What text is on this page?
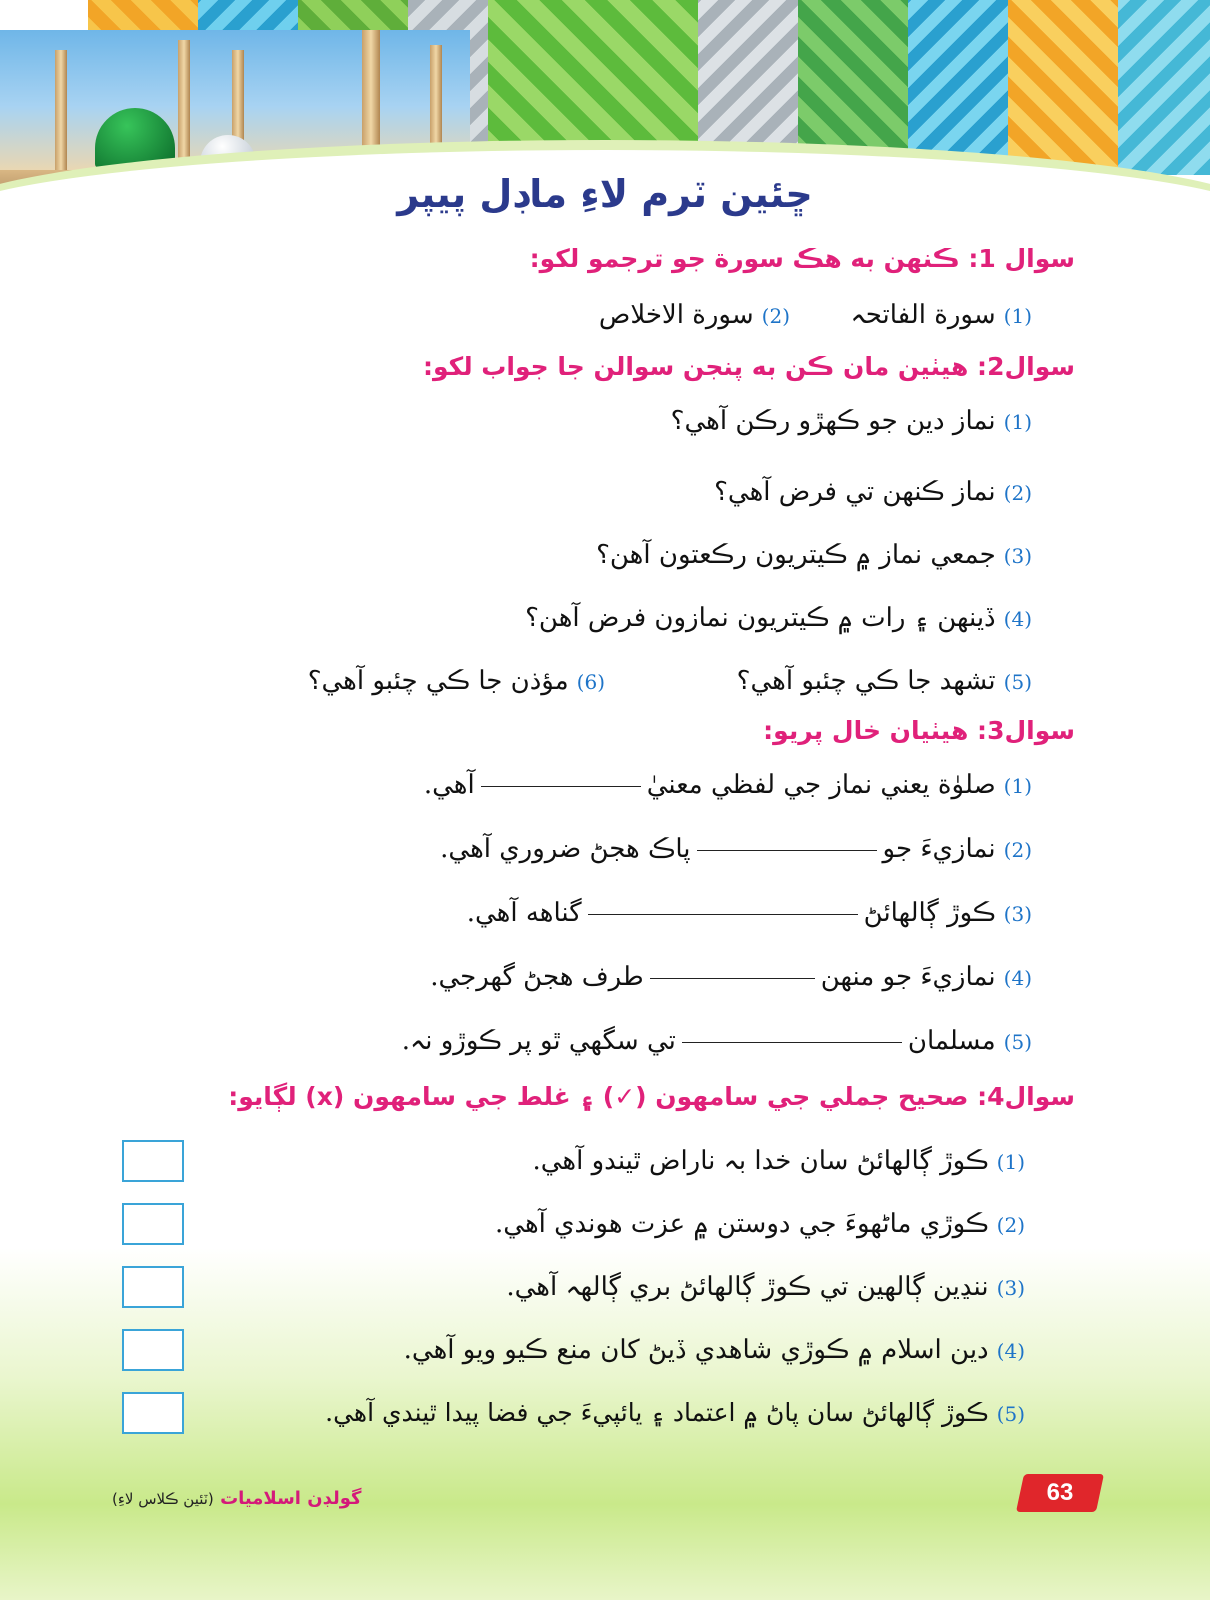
ڇئين ٽرم لاءِ ماڊل پيپر
سوال 1: ڪنهن به هڪ سورة جو ترجمو لکو:
(1)سورة الفاتحہ
(2)سورة الاخلاص
سوال2: هيٺين مان ڪن به پنجن سوالن جا جواب لکو:
(1)نماز دين جو ڪهڙو رڪن آهي؟
(2)نماز ڪنهن تي فرض آهي؟
(3)جمعي نماز ۾ ڪيتريون رڪعتون آهن؟
(4)ڏينهن ۽ رات ۾ ڪيتريون نمازون فرض آهن؟
(5)تشهد جا ڪي چئبو آهي؟
(6)مؤذن جا ڪي چئبو آهي؟
سوال3: هيٺيان خال پريو:
(1)صلوٰة يعني نماز جي لفظي معنيٰآهي.
(2)نمازيءَ جوپاڪ هجڻ ضروري آهي.
(3)ڪوڙ ڳالهائڻگناهه آهي.
(4)نمازيءَ جو منهنطرف هجڻ گهرجي.
(5)مسلمانتي سگهي ٿو پر ڪوڙو نہ.
سوال4: صحيح جملي جي سامهون (✓) ۽ غلط جي سامهون (x) لڳايو:
(1)ڪوڙ ڳالهائڻ سان خدا بہ ناراض ٿيندو آهي.
(2)ڪوڙي ماڻهوءَ جي دوستن ۾ عزت هوندي آهي.
(3)ننڍين ڳالهين تي ڪوڙ ڳالهائڻ بري ڳالهہ آهي.
(4)دين اسلام ۾ ڪوڙي شاهدي ڏيڻ کان منع ڪيو ويو آهي.
(5)ڪوڙ ڳالهائڻ سان پاڻ ۾ اعتماد ۽ يائپيءَ جي فضا پيدا ٿيندي آهي.
63
گولڊن اسلاميات (ٽئين ڪلاس لاءِ)
